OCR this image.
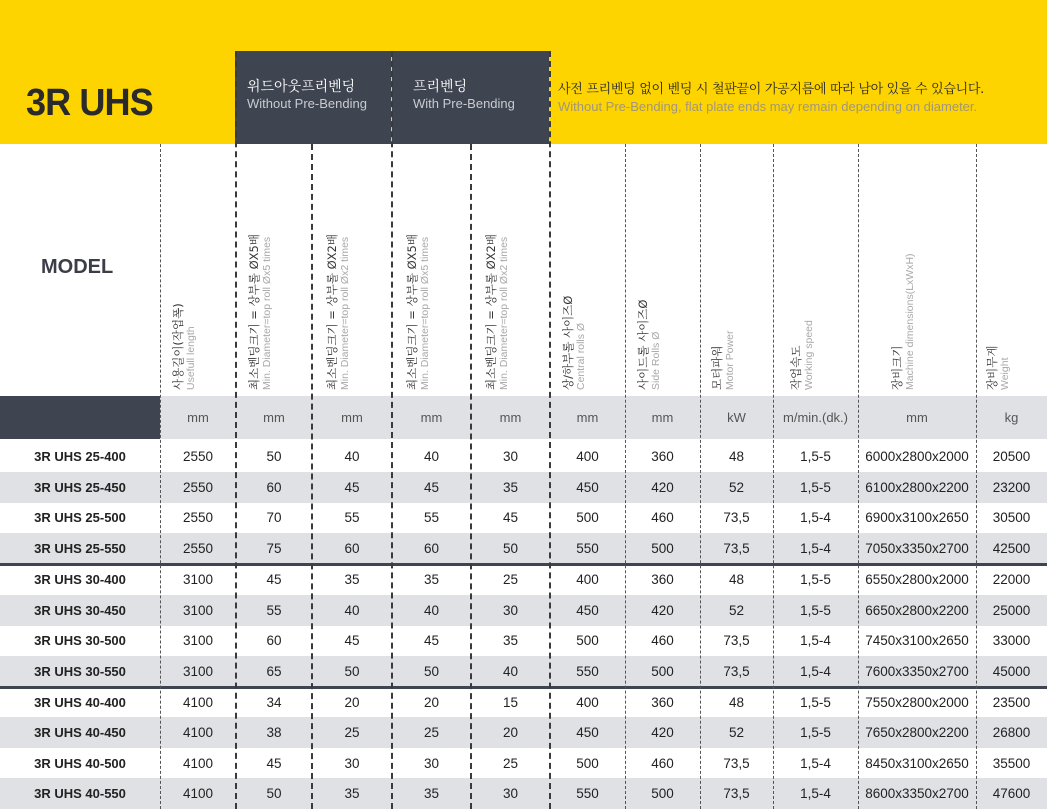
3R UHS	위드아웃프리벤딩
Without Pre-Bending
프리벤딩
With Pre-Bending
사전 프리벤딩 없이 벤딩 시 철판끝이 가공지름에 따라 남아 있을 수 있습니다.
Without Pre-Bending, flat plate ends may remain depending on diameter.
MODEL
사용길이(작업폭) Usefull length	최소벤딩크기 = 상부롤 ØX5배 Min. Diameter=top roll Øx5 times	최소벤딩크기 = 상부롤 ØX2배 Min. Diameter=top roll Øx2 times	최소벤딩크기 = 상부롤 ØX5배 Min. Diameter=top roll Øx5 times	최소벤딩크기 = 상부롤 ØX2배 Min. Diameter=top roll Øx2 times	상/하부롤 사이즈Ø Central rolls Ø	사이드롤 사이즈Ø Side Rolls Ø	모터파워 Motor Power	작업속도 Working speed	장비크기 Machine dimensions(LxWxH)	장비무게 Weight
mm	mm	mm	mm	mm	mm	mm	kW	m/min.(dk.)	mm	kg
3R UHS 25-400	2550	50	40	40	30	400	360	48	1,5-5	6000x2800x2000	20500
3R UHS 25-450	2550	60	45	45	35	450	420	52	1,5-5	6100x2800x2200	23200
3R UHS 25-500	2550	70	55	55	45	500	460	73,5	1,5-4	6900x3100x2650	30500
3R UHS 25-550	2550	75	60	60	50	550	500	73,5	1,5-4	7050x3350x2700	42500
3R UHS 30-400	3100	45	35	35	25	400	360	48	1,5-5	6550x2800x2000	22000
3R UHS 30-450	3100	55	40	40	30	450	420	52	1,5-5	6650x2800x2200	25000
3R UHS 30-500	3100	60	45	45	35	500	460	73,5	1,5-4	7450x3100x2650	33000
3R UHS 30-550	3100	65	50	50	40	550	500	73,5	1,5-4	7600x3350x2700	45000
3R UHS 40-400	4100	34	20	20	15	400	360	48	1,5-5	7550x2800x2000	23500
3R UHS 40-450	4100	38	25	25	20	450	420	52	1,5-5	7650x2800x2200	26800
3R UHS 40-500	4100	45	30	30	25	500	460	73,5	1,5-4	8450x3100x2650	35500
3R UHS 40-550	4100	50	35	35	30	550	500	73,5	1,5-4	8600x3350x2700	47600
